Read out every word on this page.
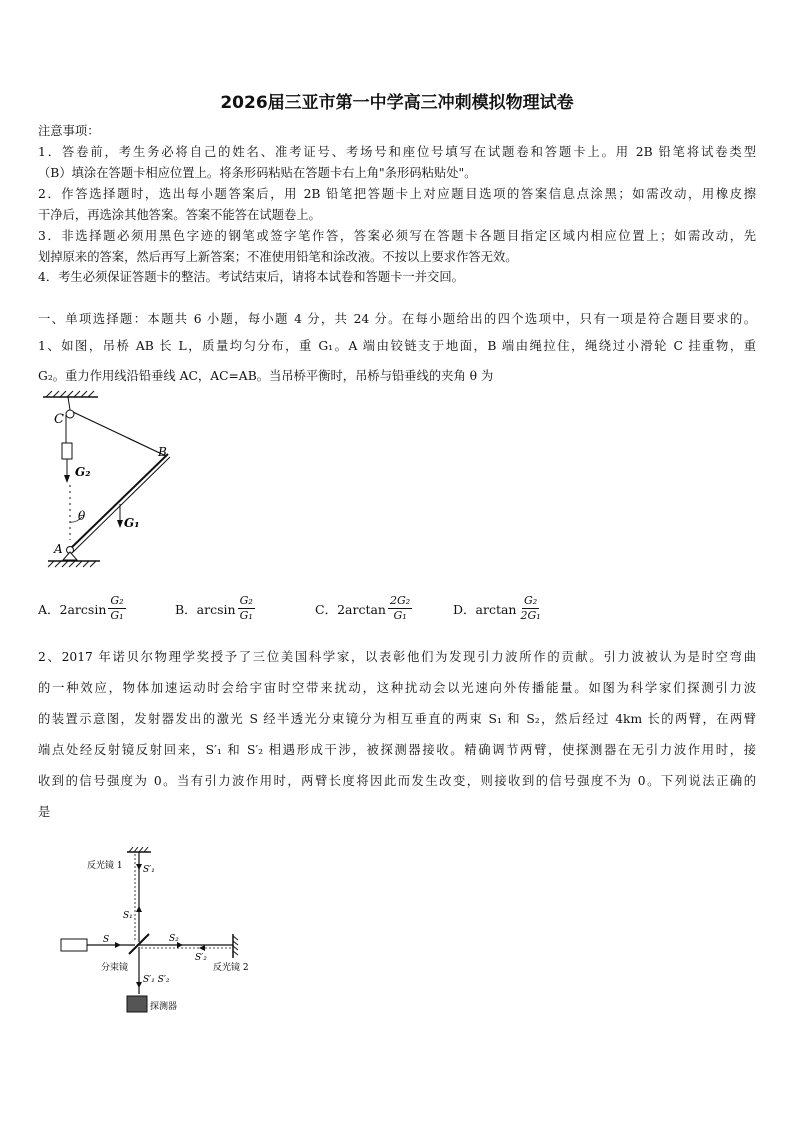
2026届三亚市第一中学高三冲刺模拟物理试卷
注意事项：
1．答卷前，考生务必将自己的姓名、准考证号、考场号和座位号填写在试题卷和答题卡上。用 2B 铅笔将试卷类型
（B）填涂在答题卡相应位置上。将条形码粘贴在答题卡右上角"条形码粘贴处"。
2．作答选择题时，选出每小题答案后，用 2B 铅笔把答题卡上对应题目选项的答案信息点涂黑；如需改动，用橡皮擦
干净后，再选涂其他答案。答案不能答在试题卷上。
3．非选择题必须用黑色字迹的钢笔或签字笔作答，答案必须写在答题卡各题目指定区域内相应位置上；如需改动，先
划掉原来的答案，然后再写上新答案；不准使用铅笔和涂改液。不按以上要求作答无效。
4．考生必须保证答题卡的整洁。考试结束后，请将本试卷和答题卡一并交回。
一、单项选择题：本题共 6 小题，每小题 4 分，共 24 分。在每小题给出的四个选项中，只有一项是符合题目要求的。
1、如图，吊桥 AB 长 L，质量均匀分布，重 G₁。A 端由铰链支于地面，B 端由绳拉住，绳绕过小滑轮 C 挂重物，重
G₂。重力作用线沿铅垂线 AC，AC=AB。当吊桥平衡时，吊桥与铅垂线的夹角 θ 为
C
B
A
G₂
G₁
θ
A．$2\arcsin \frac{\text{G₂}}{\text{G₁}}$	B．$\arcsin \frac{\text{G₂}}{\text{G₁}}$	C．$2\arctan \frac{\text{2G₂}}{\text{G₁}}$	D．$\arctan \frac{\text{G₂}}{\text{2G₁}}$
2、2017 年诺贝尔物理学奖授予了三位美国科学家，以表彰他们为发现引力波所作的贡献。引力波被认为是时空弯曲
的一种效应，物体加速运动时会给宇宙时空带来扰动，这种扰动会以光速向外传播能量。如图为科学家们探测引力波
的装置示意图，发射器发出的激光 S 经半透光分束镜分为相互垂直的两束 S₁ 和 S₂，然后经过 4km 长的两臂，在两臂
端点处经反射镜反射回来，S′₁ 和 S′₂ 相遇形成干涉，被探测器接收。精确调节两臂，使探测器在无引力波作用时，接
收到的信号强度为 0。当有引力波作用时，两臂长度将因此而发生改变，则接收到的信号强度不为 0。下列说法正确的
是
反光镜 1 S′₁
S₁
S	S₂
S′₂
反光镜 2
分束镜
S′₁ S′₂
探测器
